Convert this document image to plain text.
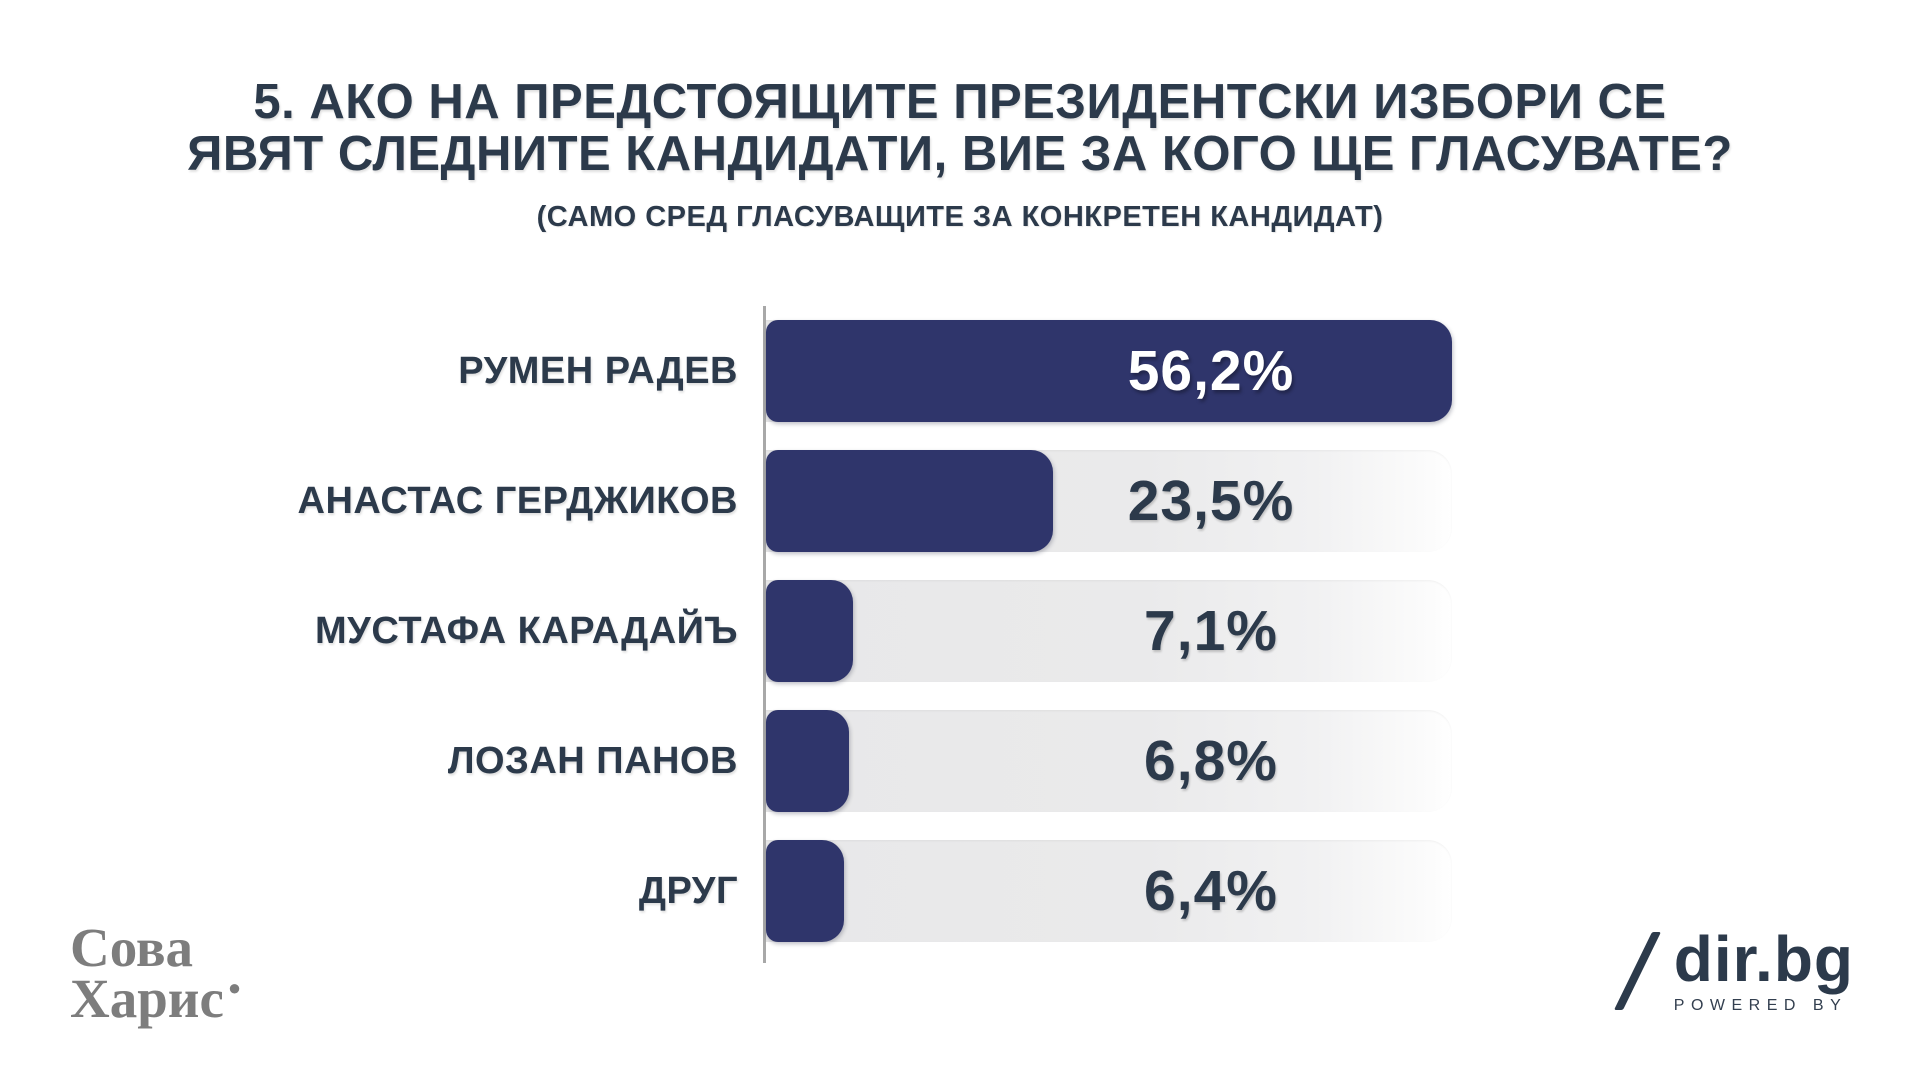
5. АКО НА ПРЕДСТОЯЩИТЕ ПРЕЗИДЕНТСКИ ИЗБОРИ СЕ
ЯВЯТ СЛЕДНИТЕ КАНДИДАТИ, ВИЕ ЗА КОГО ЩЕ ГЛАСУВАТЕ?
(САМО СРЕД ГЛАСУВАЩИТЕ ЗА КОНКРЕТЕН КАНДИДАТ)
РУМЕН РАДЕВ	56,2%
АНАСТАС ГЕРДЖИКОВ	23,5%
МУСТАФА КАРАДАЙЪ	7,1%
ЛОЗАН ПАНОВ	6,8%
ДРУГ	6,4%
Сова
Харис ●	dir.bg
POWERED BY
